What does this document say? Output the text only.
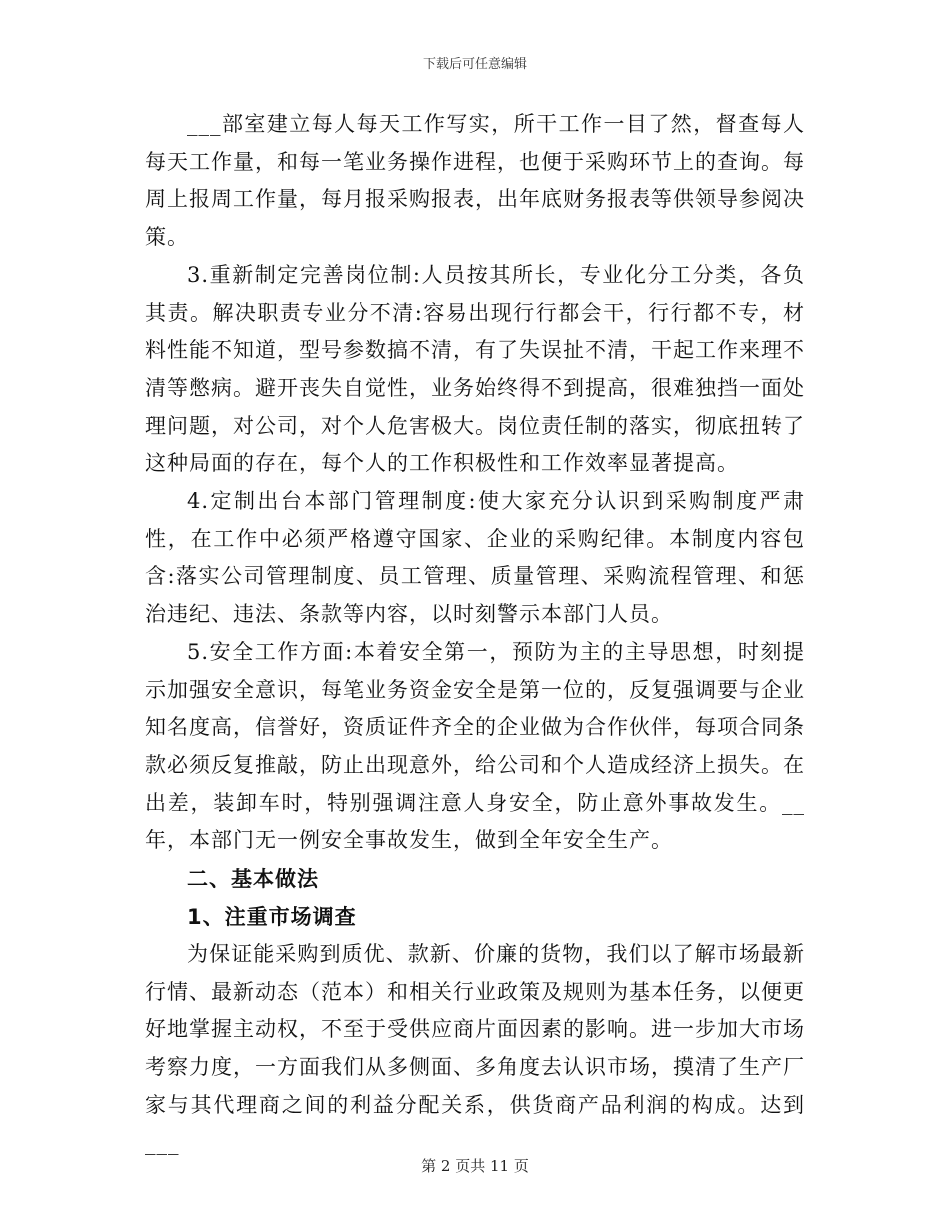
下载后可任意编辑

___部室建立每人每天工作写实，所干工作一目了然，督查每人每天工作量，和每一笔业务操作进程，也便于采购环节上的查询。每周上报周工作量，每月报采购报表，出年底财务报表等供领导参阅决策。

3.重新制定完善岗位制:人员按其所长，专业化分工分类，各负其责。解决职责专业分不清:容易出现行行都会干，行行都不专，材料性能不知道，型号参数搞不清，有了失误扯不清，干起工作来理不清等憋病。避开丧失自觉性，业务始终得不到提高，很难独挡一面处理问题，对公司，对个人危害极大。岗位责任制的落实，彻底扭转了这种局面的存在，每个人的工作积极性和工作效率显著提高。

4.定制出台本部门管理制度:使大家充分认识到采购制度严肃性，在工作中必须严格遵守国家、企业的采购纪律。本制度内容包含:落实公司管理制度、员工管理、质量管理、采购流程管理、和惩治违纪、违法、条款等内容，以时刻警示本部门人员。

5.安全工作方面:本着安全第一，预防为主的主导思想，时刻提示加强安全意识，每笔业务资金安全是第一位的，反复强调要与企业知名度高，信誉好，资质证件齐全的企业做为合作伙伴，每项合同条款必须反复推敲，防止出现意外，给公司和个人造成经济上损失。在出差，装卸车时，特别强调注意人身安全，防止意外事故发生。__年，本部门无一例安全事故发生，做到全年安全生产。

二、基本做法

1、注重市场调查

为保证能采购到质优、款新、价廉的货物，我们以了解市场最新行情、最新动态（范本）和相关行业政策及规则为基本任务，以便更好地掌握主动权，不至于受供应商片面因素的影响。进一步加大市场考察力度，一方面我们从多侧面、多角度去认识市场，摸清了生产厂家与其代理商之间的利益分配关系，供货商产品利润的构成。达到___

第 2 页共 11 页
